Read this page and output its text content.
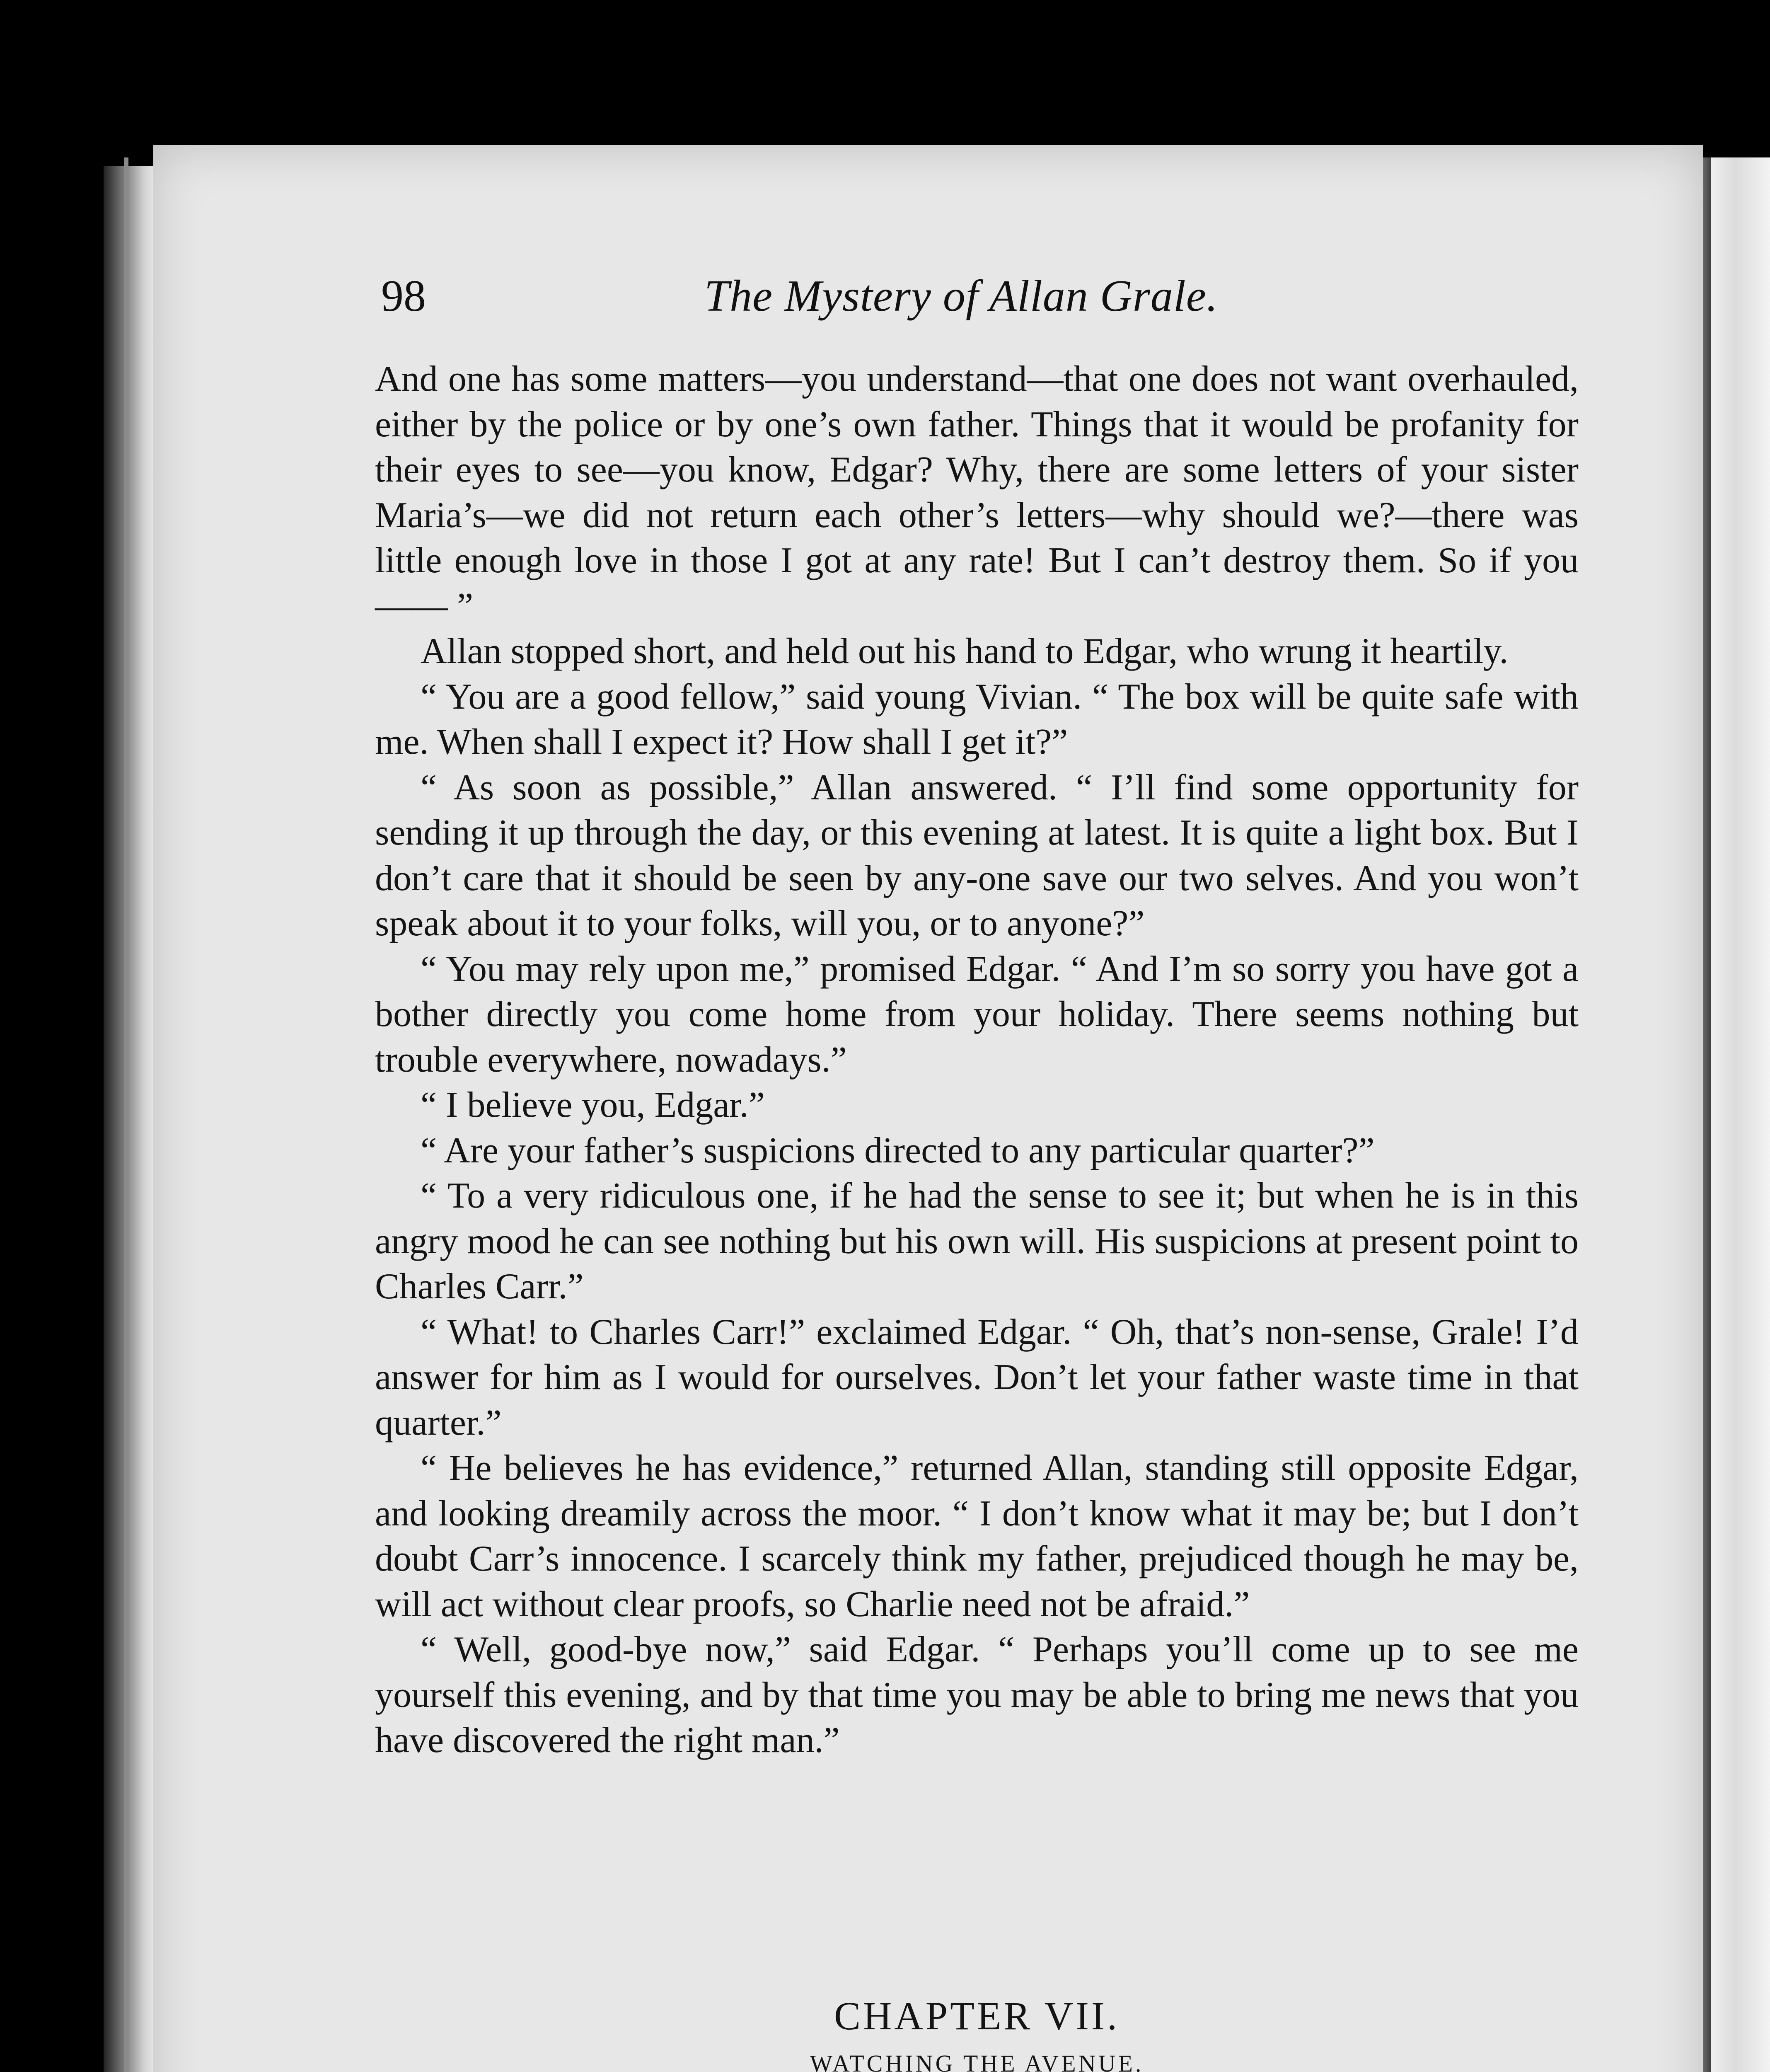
98	The Mystery of Allan Grale.

And one has some matters—you understand—that one does not want overhauled, either by the police or by one’s own father. Things that it would be profanity for their eyes to see—you know, Edgar? Why, there are some letters of your sister Maria’s—we did not return each other’s letters—why should we?—there was little enough love in those I got at any rate! But I can’t destroy them. So if you—— ”

Allan stopped short, and held out his hand to Edgar, who wrung it heartily.

“ You are a good fellow,” said young Vivian. “ The box will be quite safe with me. When shall I expect it? How shall I get it?”

“ As soon as possible,” Allan answered. “ I’ll find some opportunity for sending it up through the day, or this evening at latest. It is quite a light box. But I don’t care that it should be seen by any-one save our two selves. And you won’t speak about it to your folks, will you, or to anyone?”

“ You may rely upon me,” promised Edgar. “ And I’m so sorry you have got a bother directly you come home from your holiday. There seems nothing but trouble everywhere, nowadays.”

“ I believe you, Edgar.”

“ Are your father’s suspicions directed to any particular quarter?”

“ To a very ridiculous one, if he had the sense to see it; but when he is in this angry mood he can see nothing but his own will. His suspicions at present point to Charles Carr.”

“ What! to Charles Carr!” exclaimed Edgar. “ Oh, that’s non-sense, Grale! I’d answer for him as I would for ourselves. Don’t let your father waste time in that quarter.”

“ He believes he has evidence,” returned Allan, standing still opposite Edgar, and looking dreamily across the moor. “ I don’t know what it may be; but I don’t doubt Carr’s innocence. I scarcely think my father, prejudiced though he may be, will act without clear proofs, so Charlie need not be afraid.”

“ Well, good-bye now,” said Edgar. “ Perhaps you’ll come up to see me yourself this evening, and by that time you may be able to bring me news that you have discovered the right man.”

CHAPTER VII.
WATCHING THE AVENUE.
